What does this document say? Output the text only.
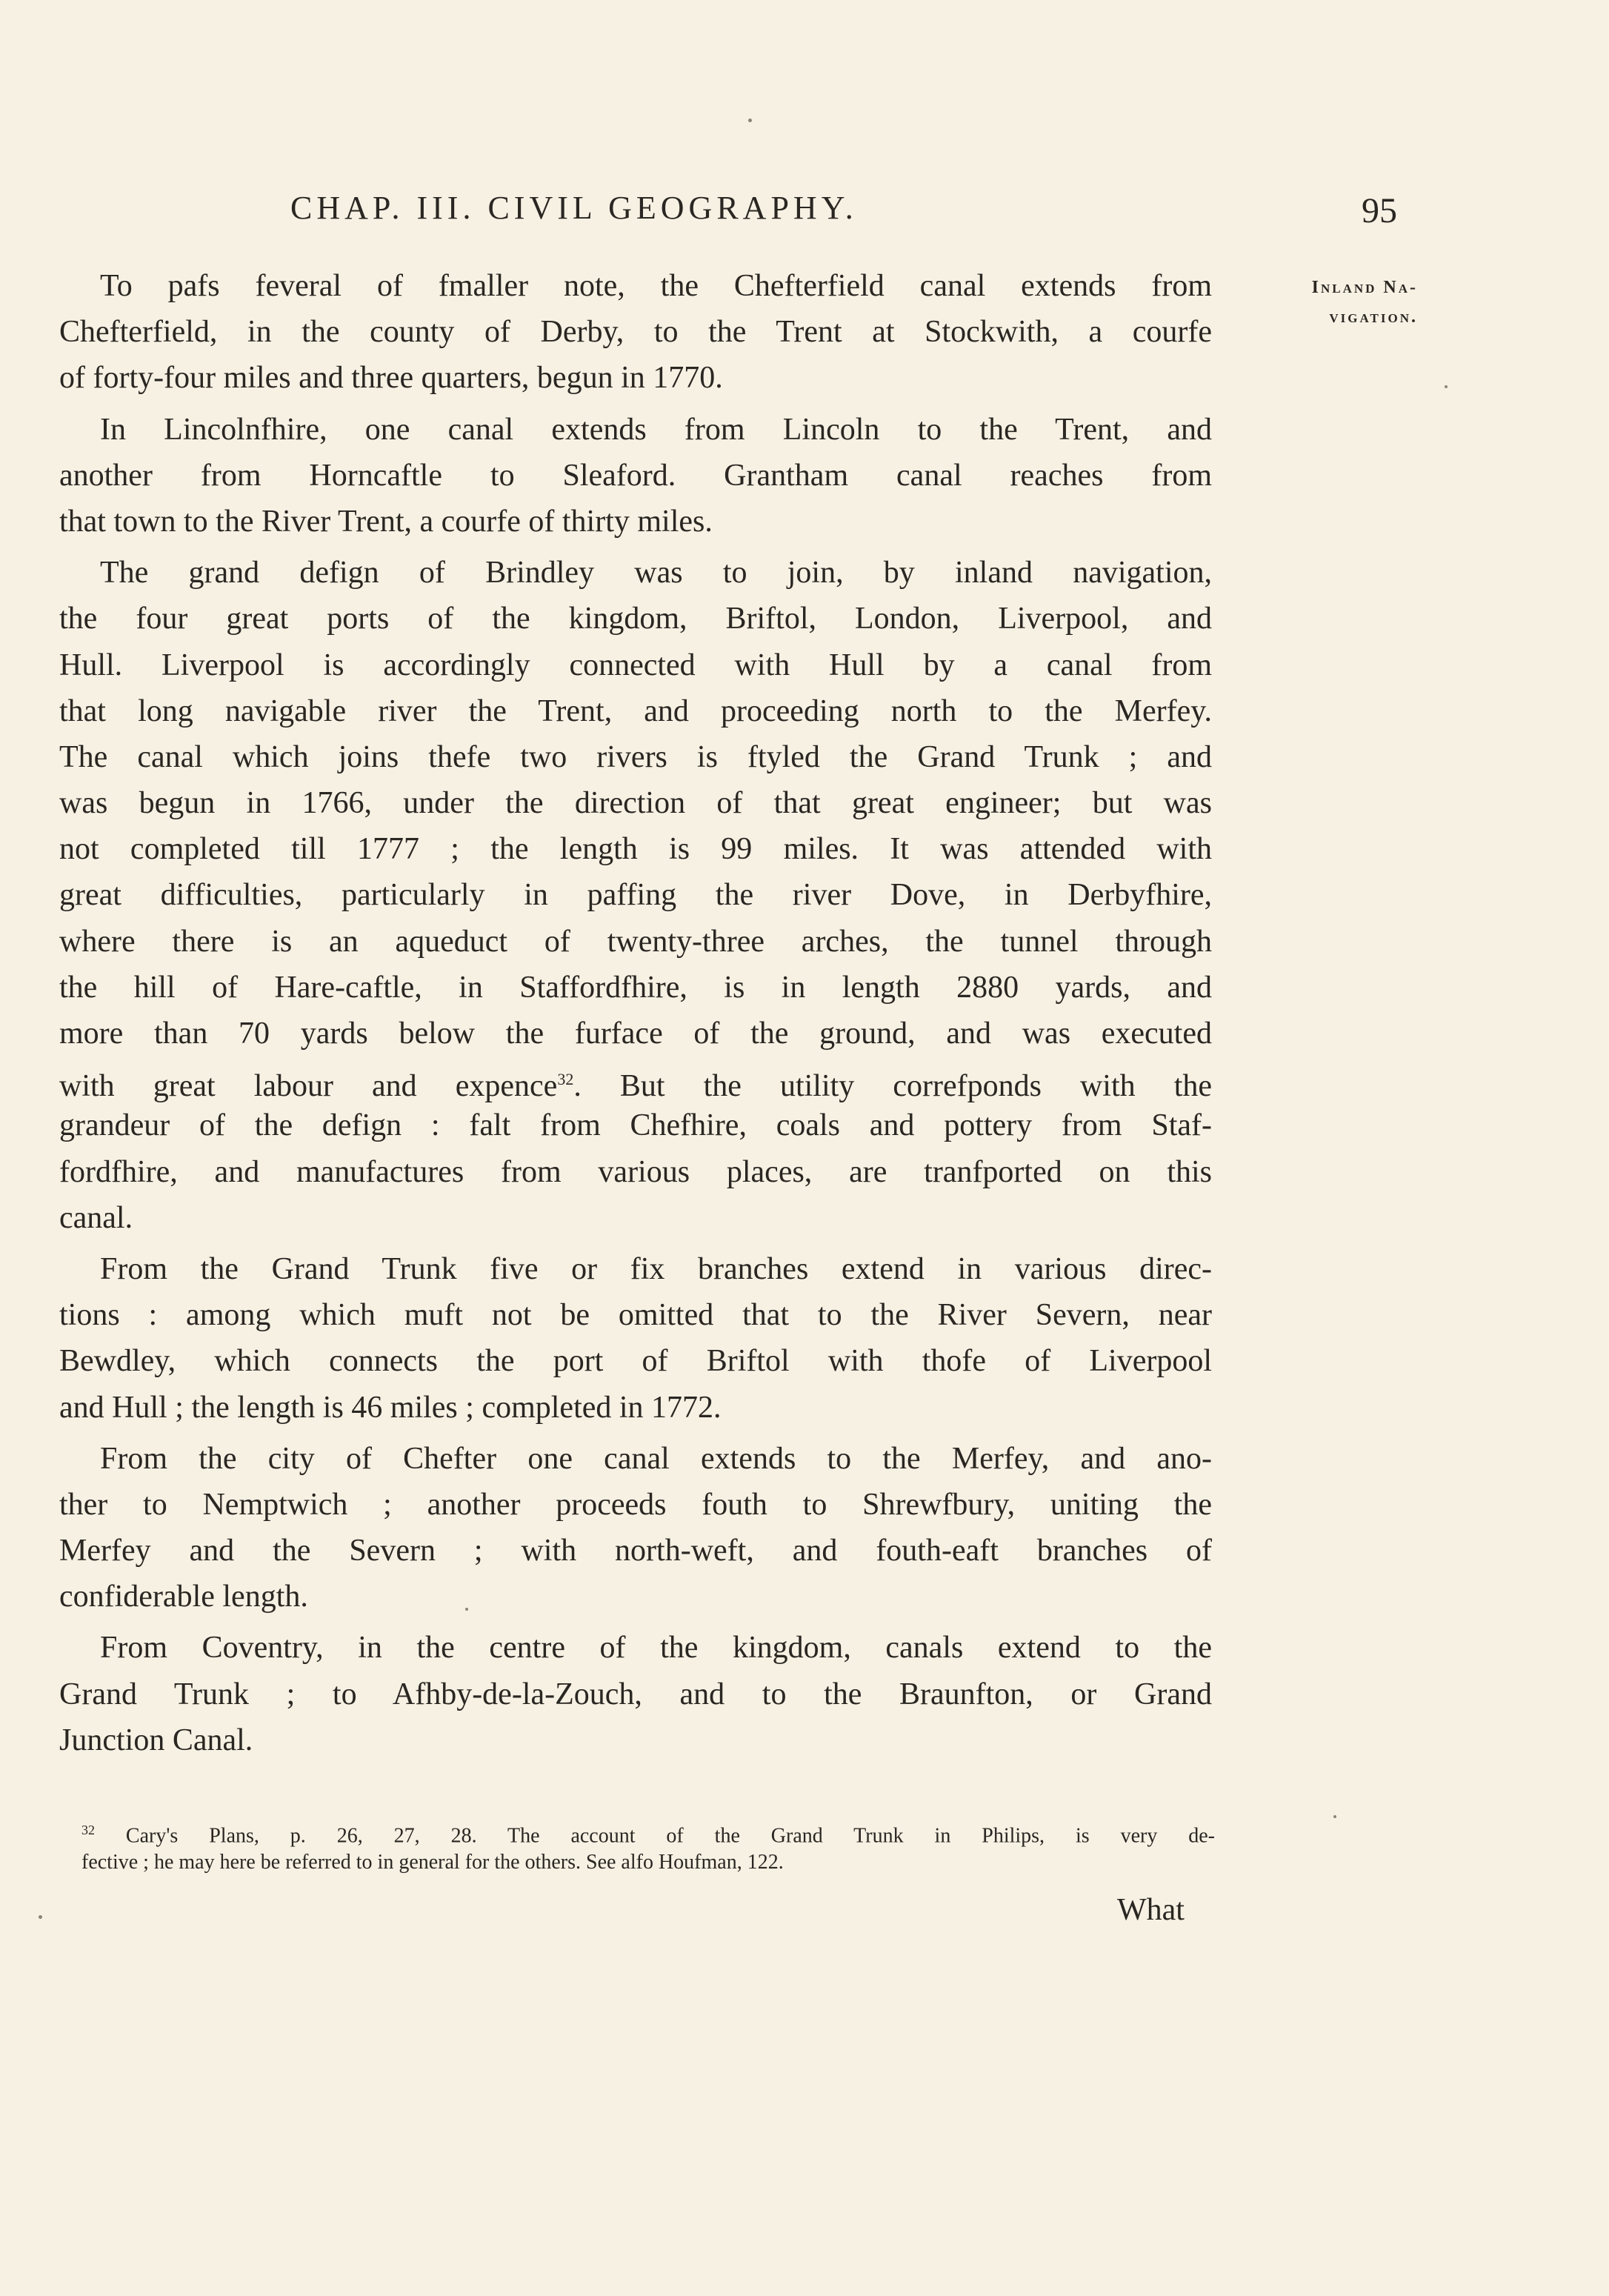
CHAP. III. CIVIL GEOGRAPHY.	95
Inland Na-
vigation.
To pafs feveral of fmaller note, the Chefterfield canal extends from
Chefterfield, in the county of Derby, to the Trent at Stockwith, a courfe
of forty-four miles and three quarters, begun in 1770.
In Lincolnfhire, one canal extends from Lincoln to the Trent, and
another from Horncaftle to Sleaford. Grantham canal reaches from
that town to the River Trent, a courfe of thirty miles.
The grand defign of Brindley was to join, by inland navigation,
the four great ports of the kingdom, Briftol, London, Liverpool, and
Hull. Liverpool is accordingly connected with Hull by a canal from
that long navigable river the Trent, and proceeding north to the Merfey.
The canal which joins thefe two rivers is ftyled the Grand Trunk ; and
was begun in 1766, under the direction of that great engineer; but was
not completed till 1777 ; the length is 99 miles. It was attended with
great difficulties, particularly in paffing the river Dove, in Derbyfhire,
where there is an aqueduct of twenty-three arches, the tunnel through
the hill of Hare-caftle, in Staffordfhire, is in length 2880 yards, and
more than 70 yards below the furface of the ground, and was executed
with great labour and expence$^{32}$. But the utility correfponds with the
grandeur of the defign : falt from Chefhire, coals and pottery from Staf-
fordfhire, and manufactures from various places, are tranfported on this
canal.
From the Grand Trunk five or fix branches extend in various direc-
tions : among which muft not be omitted that to the River Severn, near
Bewdley, which connects the port of Briftol with thofe of Liverpool
and Hull ; the length is 46 miles ; completed in 1772.
From the city of Chefter one canal extends to the Merfey, and ano-
ther to Nemptwich ; another proceeds fouth to Shrewfbury, uniting the
Merfey and the Severn ; with north-weft, and fouth-eaft branches of
confiderable length.
From Coventry, in the centre of the kingdom, canals extend to the
Grand Trunk ; to Afhby-de-la-Zouch, and to the Braunfton, or Grand
Junction Canal.
$^{32}$ Cary's Plans, p. 26, 27, 28. The account of the Grand Trunk in Philips, is very de-
fective ; he may here be referred to in general for the others. See alfo Houfman, 122.
What
